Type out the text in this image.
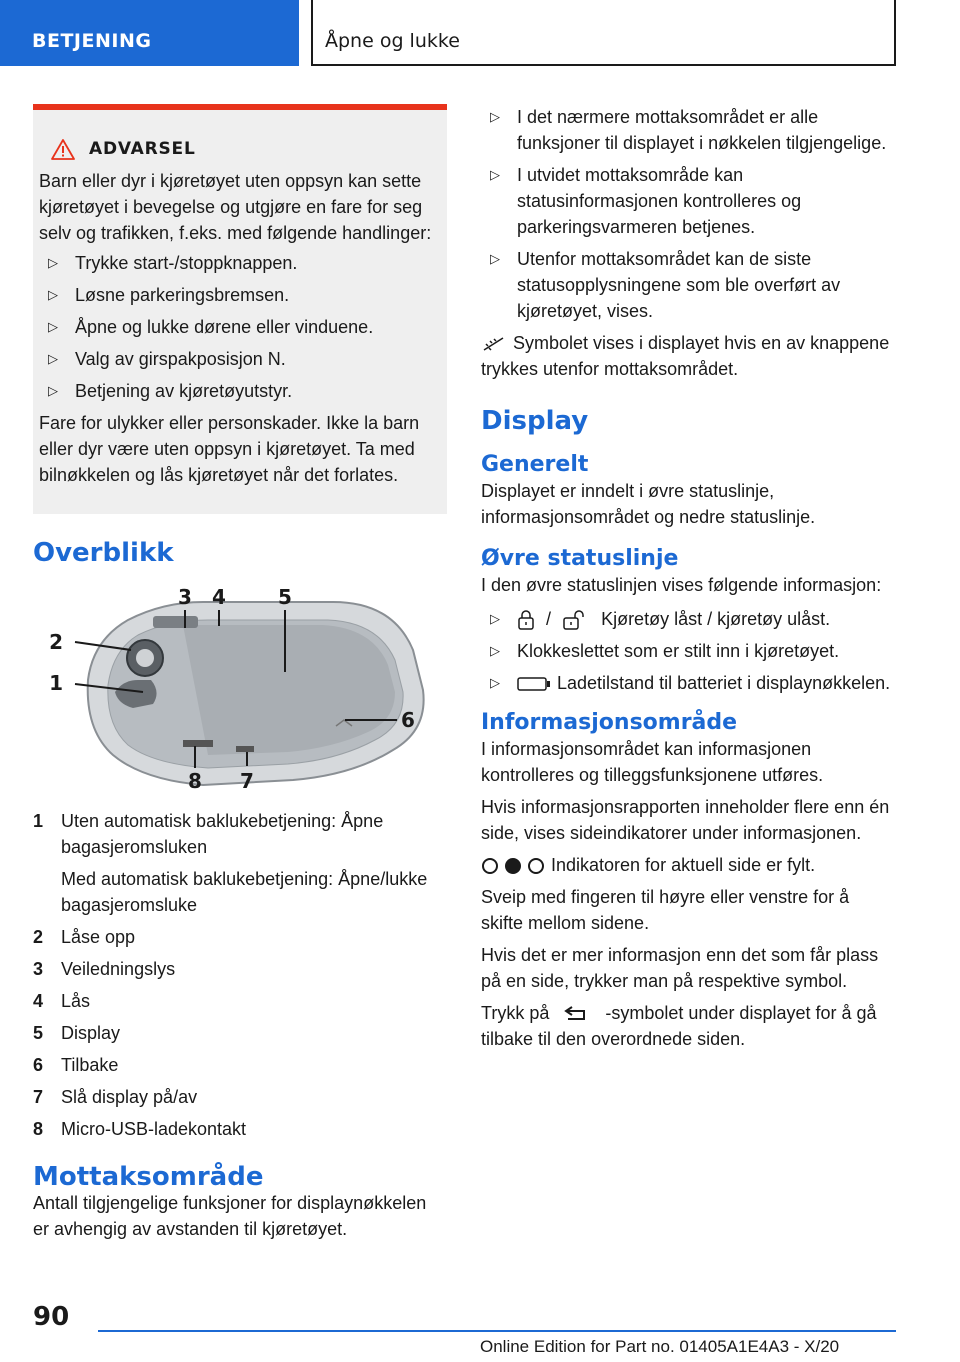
BETJENING	Åpne og lukke
ADVARSEL

Barn eller dyr i kjøretøyet uten oppsyn kan sette kjøretøyet i bevegelse og utgjøre en fare for seg selv og trafikken, f.eks. med følgende handlinger:

▷ Trykke start-/stoppknappen.
▷ Løsne parkeringsbremsen.
▷ Åpne og lukke dørene eller vinduene.
▷ Valg av girspakposisjon N.
▷ Betjening av kjøretøyutstyr.

Fare for ulykker eller personskader. Ikke la barn eller dyr være uten oppsyn i kjøretøyet. Ta med bilnøkkelen og lås kjøretøyet når det forlates.

Overblikk
1
2
3 4	5
6
7
8
1 Uten automatisk baklukebetjening: Åpne bagasjeromsluken

Med automatisk baklukebetjening: Åpne/lukke bagasjeromsluke

2 Låse opp
3 Veiledningslys
4 Lås
5 Display
6 Tilbake
7 Slå display på/av
8 Micro-USB-ladekontakt
Mottaksområde

Antall tilgjengelige funksjoner for displaynøkkelen er avhengig av avstanden til kjøretøyet.

▷ I det nærmere mottaksområdet er alle funksjoner til displayet i nøkkelen tilgjengelige.
▷ I utvidet mottaksområde kan statusinformasjonen kontrolleres og parkeringsvarmeren betjenes.
▷ Utenfor mottaksområdet kan de siste statusopplysningene som ble overført av kjøretøyet, vises.

Symbolet vises i displayet hvis en av knappene trykkes utenfor mottaksområdet.

Display
Generelt

Displayet er inndelt i øvre statuslinje, informasjonsområdet og nedre statuslinje.

Øvre statuslinje

I den øvre statuslinjen vises følgende informasjon:

▷	/	Kjøretøy låst / kjøretøy ulåst.
▷ Klokkeslettet som er stilt inn i kjøretøyet.
▷	Ladetilstand til batteriet i displaynøkkelen.
Informasjonsområde

I informasjonsområdet kan informasjonen kontrolleres og tilleggsfunksjonene utføres.

Hvis informasjonsrapporten inneholder flere enn én side, vises sideindikatorer under informasjonen.

Indikatoren for aktuell side er fylt.

Sveip med fingeren til høyre eller venstre for å skifte mellom sidene.

Hvis det er mer informasjon enn det som får plass på en side, trykker man på respektive symbol.

Trykk på	-symbolet under displayet for å gå tilbake til den overordnede siden.

90
Online Edition for Part no. 01405A1E4A3 - X/20
